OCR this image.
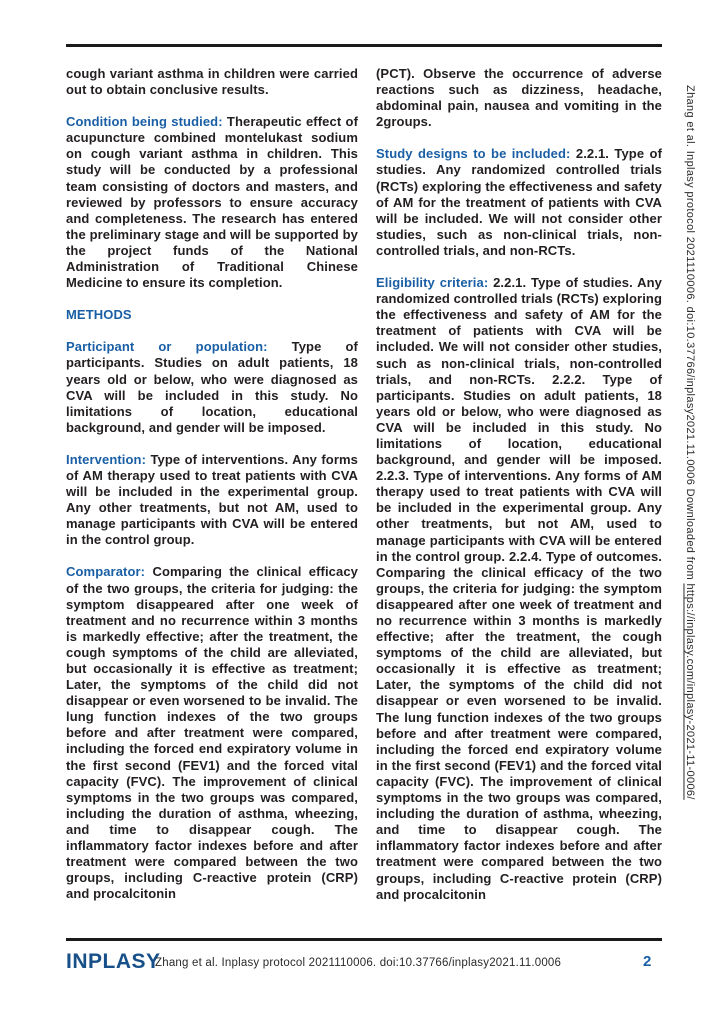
cough variant asthma in children were carried out to obtain conclusive results.

Condition being studied: Therapeutic effect of acupuncture combined montelukast sodium on cough variant asthma in children. This study will be conducted by a professional team consisting of doctors and masters, and reviewed by professors to ensure accuracy and completeness. The research has entered the preliminary stage and will be supported by the project funds of the National Administration of Traditional Chinese Medicine to ensure its completion.

METHODS

Participant or population: Type of participants. Studies on adult patients, 18 years old or below, who were diagnosed as CVA will be included in this study. No limitations of location, educational background, and gender will be imposed.

Intervention: Type of interventions. Any forms of AM therapy used to treat patients with CVA will be included in the experimental group. Any other treatments, but not AM, used to manage participants with CVA will be entered in the control group.

Comparator: Comparing the clinical efficacy of the two groups, the criteria for judging: the symptom disappeared after one week of treatment and no recurrence within 3 months is markedly effective; after the treatment, the cough symptoms of the child are alleviated, but occasionally it is effective as treatment; Later, the symptoms of the child did not disappear or even worsened to be invalid. The lung function indexes of the two groups before and after treatment were compared, including the forced end expiratory volume in the first second (FEV1) and the forced vital capacity (FVC). The improvement of clinical symptoms in the two groups was compared, including the duration of asthma, wheezing, and time to disappear cough. The inflammatory factor indexes before and after treatment were compared between the two groups, including C-reactive protein (CRP) and procalcitonin

(PCT). Observe the occurrence of adverse reactions such as dizziness, headache, abdominal pain, nausea and vomiting in the 2groups.

Study designs to be included: 2.2.1. Type of studies. Any randomized controlled trials (RCTs) exploring the effectiveness and safety of AM for the treatment of patients with CVA will be included. We will not consider other studies, such as non-clinical trials, non-controlled trials, and non-RCTs.

Eligibility criteria: 2.2.1. Type of studies. Any randomized controlled trials (RCTs) exploring the effectiveness and safety of AM for the treatment of patients with CVA will be included. We will not consider other studies, such as non-clinical trials, non-controlled trials, and non-RCTs. 2.2.2. Type of participants. Studies on adult patients, 18 years old or below, who were diagnosed as CVA will be included in this study. No limitations of location, educational background, and gender will be imposed. 2.2.3. Type of interventions. Any forms of AM therapy used to treat patients with CVA will be included in the experimental group. Any other treatments, but not AM, used to manage participants with CVA will be entered in the control group. 2.2.4. Type of outcomes. Comparing the clinical efficacy of the two groups, the criteria for judging: the symptom disappeared after one week of treatment and no recurrence within 3 months is markedly effective; after the treatment, the cough symptoms of the child are alleviated, but occasionally it is effective as treatment; Later, the symptoms of the child did not disappear or even worsened to be invalid. The lung function indexes of the two groups before and after treatment were compared, including the forced end expiratory volume in the first second (FEV1) and the forced vital capacity (FVC). The improvement of clinical symptoms in the two groups was compared, including the duration of asthma, wheezing, and time to disappear cough. The inflammatory factor indexes before and after treatment were compared between the two groups, including C-reactive protein (CRP) and procalcitonin

Zhang et al. Inplasy protocol 2021110006. doi:10.37766/inplasy2021.11.0006 Downloaded from https://inplasy.com/inplasy-2021-11-0006/
INPLASY
Zhang et al. Inplasy protocol 2021110006. doi:10.37766/inplasy2021.11.0006	2
